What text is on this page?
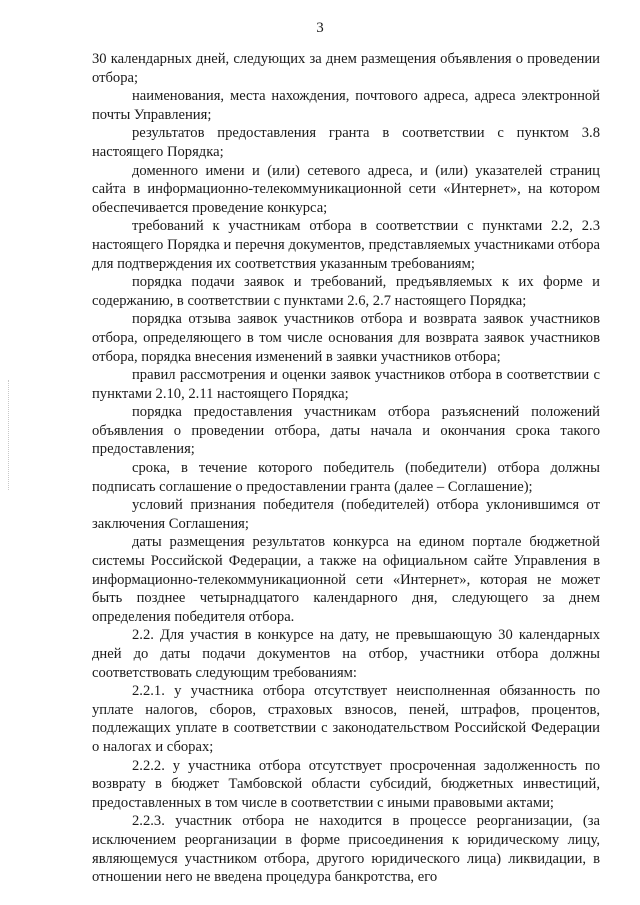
3

30 календарных дней, следующих за днем размещения объявления о проведении отбора;

наименования, места нахождения, почтового адреса, адреса электронной почты Управления;

результатов предоставления гранта в соответствии с пунктом 3.8 настоящего Порядка;

доменного имени и (или) сетевого адреса, и (или) указателей страниц сайта в информационно-телекоммуникационной сети «Интернет», на котором обеспечивается проведение конкурса;

требований к участникам отбора в соответствии с пунктами 2.2, 2.3 настоящего Порядка и перечня документов, представляемых участниками отбора для подтверждения их соответствия указанным требованиям;

порядка подачи заявок и требований, предъявляемых к их форме и содержанию, в соответствии с пунктами 2.6, 2.7 настоящего Порядка;

порядка отзыва заявок участников отбора и возврата заявок участников отбора, определяющего в том числе основания для возврата заявок участников отбора, порядка внесения изменений в заявки участников отбора;

правил рассмотрения и оценки заявок участников отбора в соответствии с пунктами 2.10, 2.11 настоящего Порядка;

порядка предоставления участникам отбора разъяснений положений объявления о проведении отбора, даты начала и окончания срока такого предоставления;

срока, в течение которого победитель (победители) отбора должны подписать соглашение о предоставлении гранта (далее – Соглашение);

условий признания победителя (победителей) отбора уклонившимся от заключения Соглашения;

даты размещения результатов конкурса на едином портале бюджетной системы Российской Федерации, а также на официальном сайте Управления в информационно-телекоммуникационной сети «Интернет», которая не может быть позднее четырнадцатого календарного дня, следующего за днем определения победителя отбора.

2.2. Для участия в конкурсе на дату, не превышающую 30 календарных дней до даты подачи документов на отбор, участники отбора должны соответствовать следующим требованиям:

2.2.1. у участника отбора отсутствует неисполненная обязанность по уплате налогов, сборов, страховых взносов, пеней, штрафов, процентов, подлежащих уплате в соответствии с законодательством Российской Федерации о налогах и сборах;

2.2.2. у участника отбора отсутствует просроченная задолженность по возврату в бюджет Тамбовской области субсидий, бюджетных инвестиций, предоставленных в том числе в соответствии с иными правовыми актами;

2.2.3. участник отбора не находится в процессе реорганизации, (за исключением реорганизации в форме присоединения к юридическому лицу, являющемуся участником отбора, другого юридического лица) ликвидации, в отношении него не введена процедура банкротства, его
